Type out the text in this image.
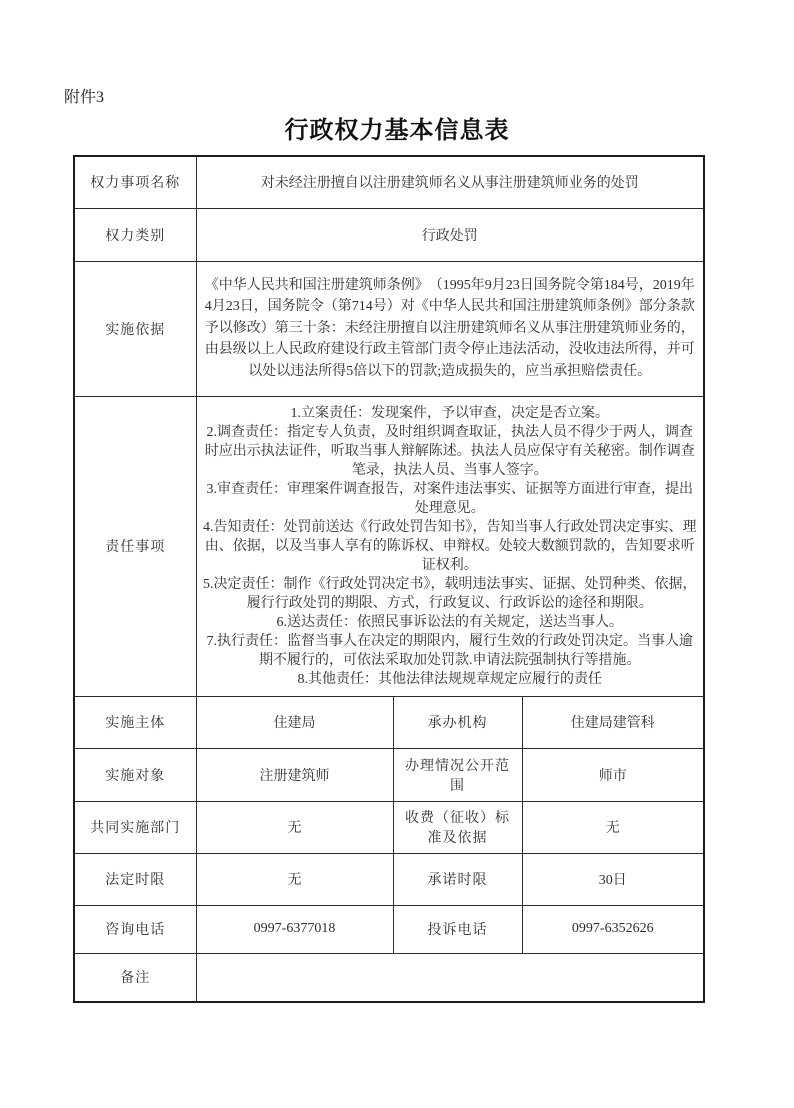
附件3
行政权力基本信息表
权力事项名称	对未经注册擅自以注册建筑师名义从事注册建筑师业务的处罚		
权力类别	行政处罚		
实施依据	《中华人民共和国注册建筑师条例》　（1995年9月23日国务院令第184号，2019年4月23日，国务院令（第714号）对《中华人民共和国注册建筑师条例》部分条款予以修改）第三十条：未经注册擅自以注册建筑师名义从事注册建筑师业务的，由县级以上人民政府建设行政主管部门责令停止违法活动，没收违法所得，并可以处以违法所得5倍以下的罚款;造成损失的，应当承担赔偿责任。		
责任事项	
1.立案责任：发现案件，予以审查，决定是否立案。
2.调查责任：指定专人负责，及时组织调查取证，执法人员不得少于两人，调查时应出示执法证件，听取当事人辩解陈述。执法人员应保守有关秘密。制作调查笔录，执法人员、当事人签字。
3.审查责任：审理案件调查报告，对案件违法事实、证据等方面进行审查，提出处理意见。
4.告知责任：处罚前送达《行政处罚告知书》，告知当事人行政处罚决定事实、理由、依据，以及当事人享有的陈诉权、申辩权。处较大数额罚款的，告知要求听证权利。
5.决定责任：制作《行政处罚决定书》，载明违法事实、证据、处罚种类、依据，履行行政处罚的期限、方式，行政复议、行政诉讼的途径和期限。
6.送达责任：依照民事诉讼法的有关规定，送达当事人。
7.执行责任：监督当事人在决定的期限内，履行生效的行政处罚决定。当事人逾期不履行的，可依法采取加处罚款.申请法院强制执行等措施。
8.其他责任：其他法律法规规章规定应履行的责任

实施主体	住建局	承办机构	住建局建管科
实施对象	注册建筑师	办理情况公开范围	师市
共同实施部门	无	收费（征收）标准及依据	无
法定时限	无	承诺时限	30日
咨询电话	0997-6377018	投诉电话	0997-6352626
备注			
